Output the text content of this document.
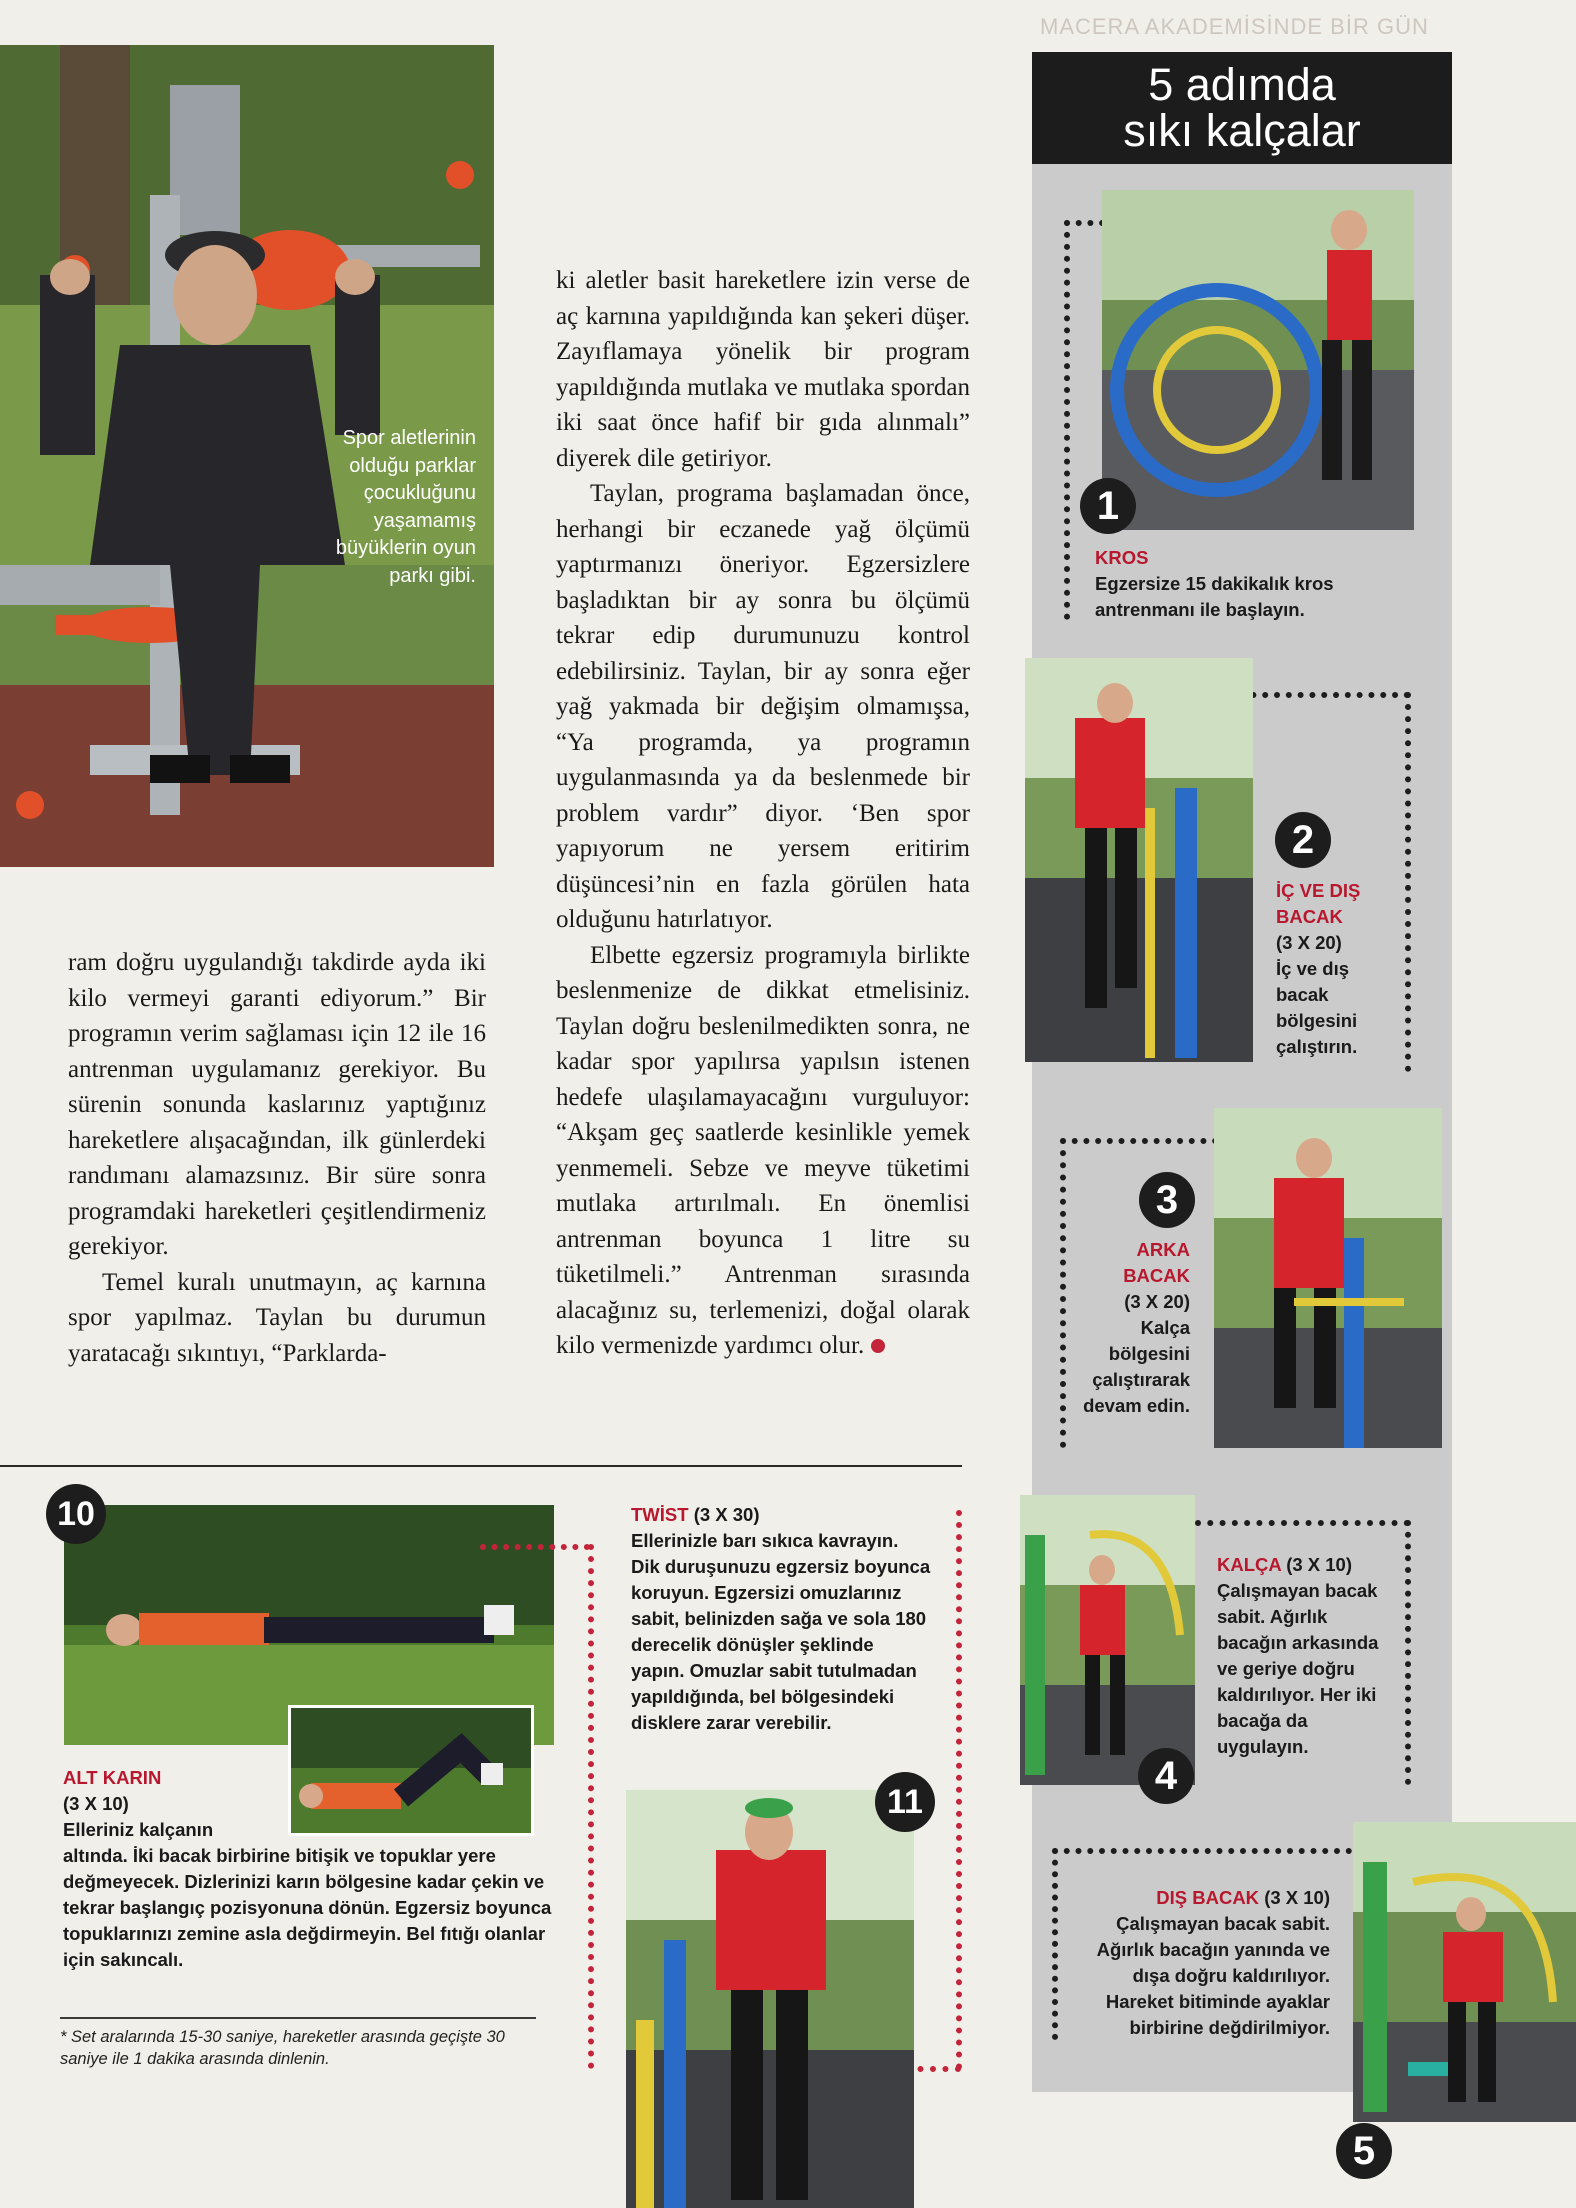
MACERA AKADEMİSİNDE BİR GÜN
Spor aletlerinin olduğu parklar çocukluğunu yaşamamış büyüklerin oyun parkı gibi.

ram doğru uygulandığı takdirde ayda iki kilo vermeyi garanti ediyorum.” Bir programın verim sağlaması için 12 ile 16 antrenman uygulamanız gerekiyor. Bu sürenin sonunda kaslarınız yaptığınız hareketlere alışacağından, ilk günlerdeki randımanı alamazsınız. Bir süre sonra programdaki hareketleri çeşitlendirmeniz gerekiyor.

Temel kuralı unutmayın, aç karnına spor yapılmaz. Taylan bu durumun yaratacağı sıkıntıyı, “Parklarda-

ki aletler basit hareketlere izin verse de aç karnına yapıldığında kan şekeri düşer. Zayıflamaya yönelik bir program yapıldığında mutlaka ve mutlaka spordan iki saat önce hafif bir gıda alınmalı” diyerek dile getiriyor.

Taylan, programa başlamadan önce, herhangi bir eczanede yağ ölçümü yaptırmanızı öneriyor. Egzersizlere başladıktan bir ay sonra bu ölçümü tekrar edip durumunuzu kontrol edebilirsiniz. Taylan, bir ay sonra eğer yağ yakmada bir değişim olmamışsa, “Ya programda, ya programın uygulanmasında ya da beslenmede bir problem vardır” diyor. ‘Ben spor yapıyorum ne yersem eritirim düşüncesi’nin en fazla görülen hata olduğunu hatırlatıyor.

Elbette egzersiz programıyla birlikte beslenmenize de dikkat etmelisiniz. Taylan doğru beslenilmedikten sonra, ne kadar spor yapılırsa yapılsın istenen hedefe ulaşılamayacağını vurguluyor: “Akşam geç saatlerde kesinlikle yemek yenmemeli. Sebze ve meyve tüketimi mutlaka artırılmalı. En önemlisi antrenman boyunca 1 litre su tüketilmeli.” Antrenman sırasında alacağınız su, terlemenizi, doğal olarak kilo vermenizde yardımcı olur.

5 adımda
sıkı kalçalar
1
KROS
Egzersize 15 dakikalık kros antrenmanı ile başlayın.
2
İÇ VE DIŞ BACAK
(3 X 20)
İç ve dış bacak bölgesini çalıştırın.
3
ARKA BACAK
(3 X 20)
Kalça bölgesini çalıştırarak devam edin.
4
KALÇA (3 X 10)
Çalışmayan bacak sabit. Ağırlık bacağın arkasında ve geriye doğru kaldırılıyor. Her iki bacağa da uygulayın.
5
DIŞ BACAK (3 X 10)
Çalışmayan bacak sabit. Ağırlık bacağın yanında ve dışa doğru kaldırılıyor. Hareket bitiminde ayaklar birbirine değdirilmiyor.
10
ALT KARIN
(3 X 10)
Elleriniz kalçanın
altında. İki bacak birbirine bitişik ve topuklar yere değmeyecek. Dizlerinizi karın bölgesine kadar çekin ve tekrar başlangıç pozisyonuna dönün. Egzersiz boyunca topuklarınızı zemine asla değdirmeyin. Bel fıtığı olanlar için sakıncalı.
* Set aralarında 15-30 saniye, hareketler arasında geçişte 30 saniye ile 1 dakika arasında dinlenin.
TWİST (3 X 30)
Ellerinizle barı sıkıca kavrayın. Dik duruşunuzu egzersiz boyunca koruyun. Egzersizi omuzlarınız sabit, belinizden sağa ve sola 180 derecelik dönüşler şeklinde yapın. Omuzlar sabit tutulmadan yapıldığında, bel bölgesindeki disklere zarar verebilir.
11
